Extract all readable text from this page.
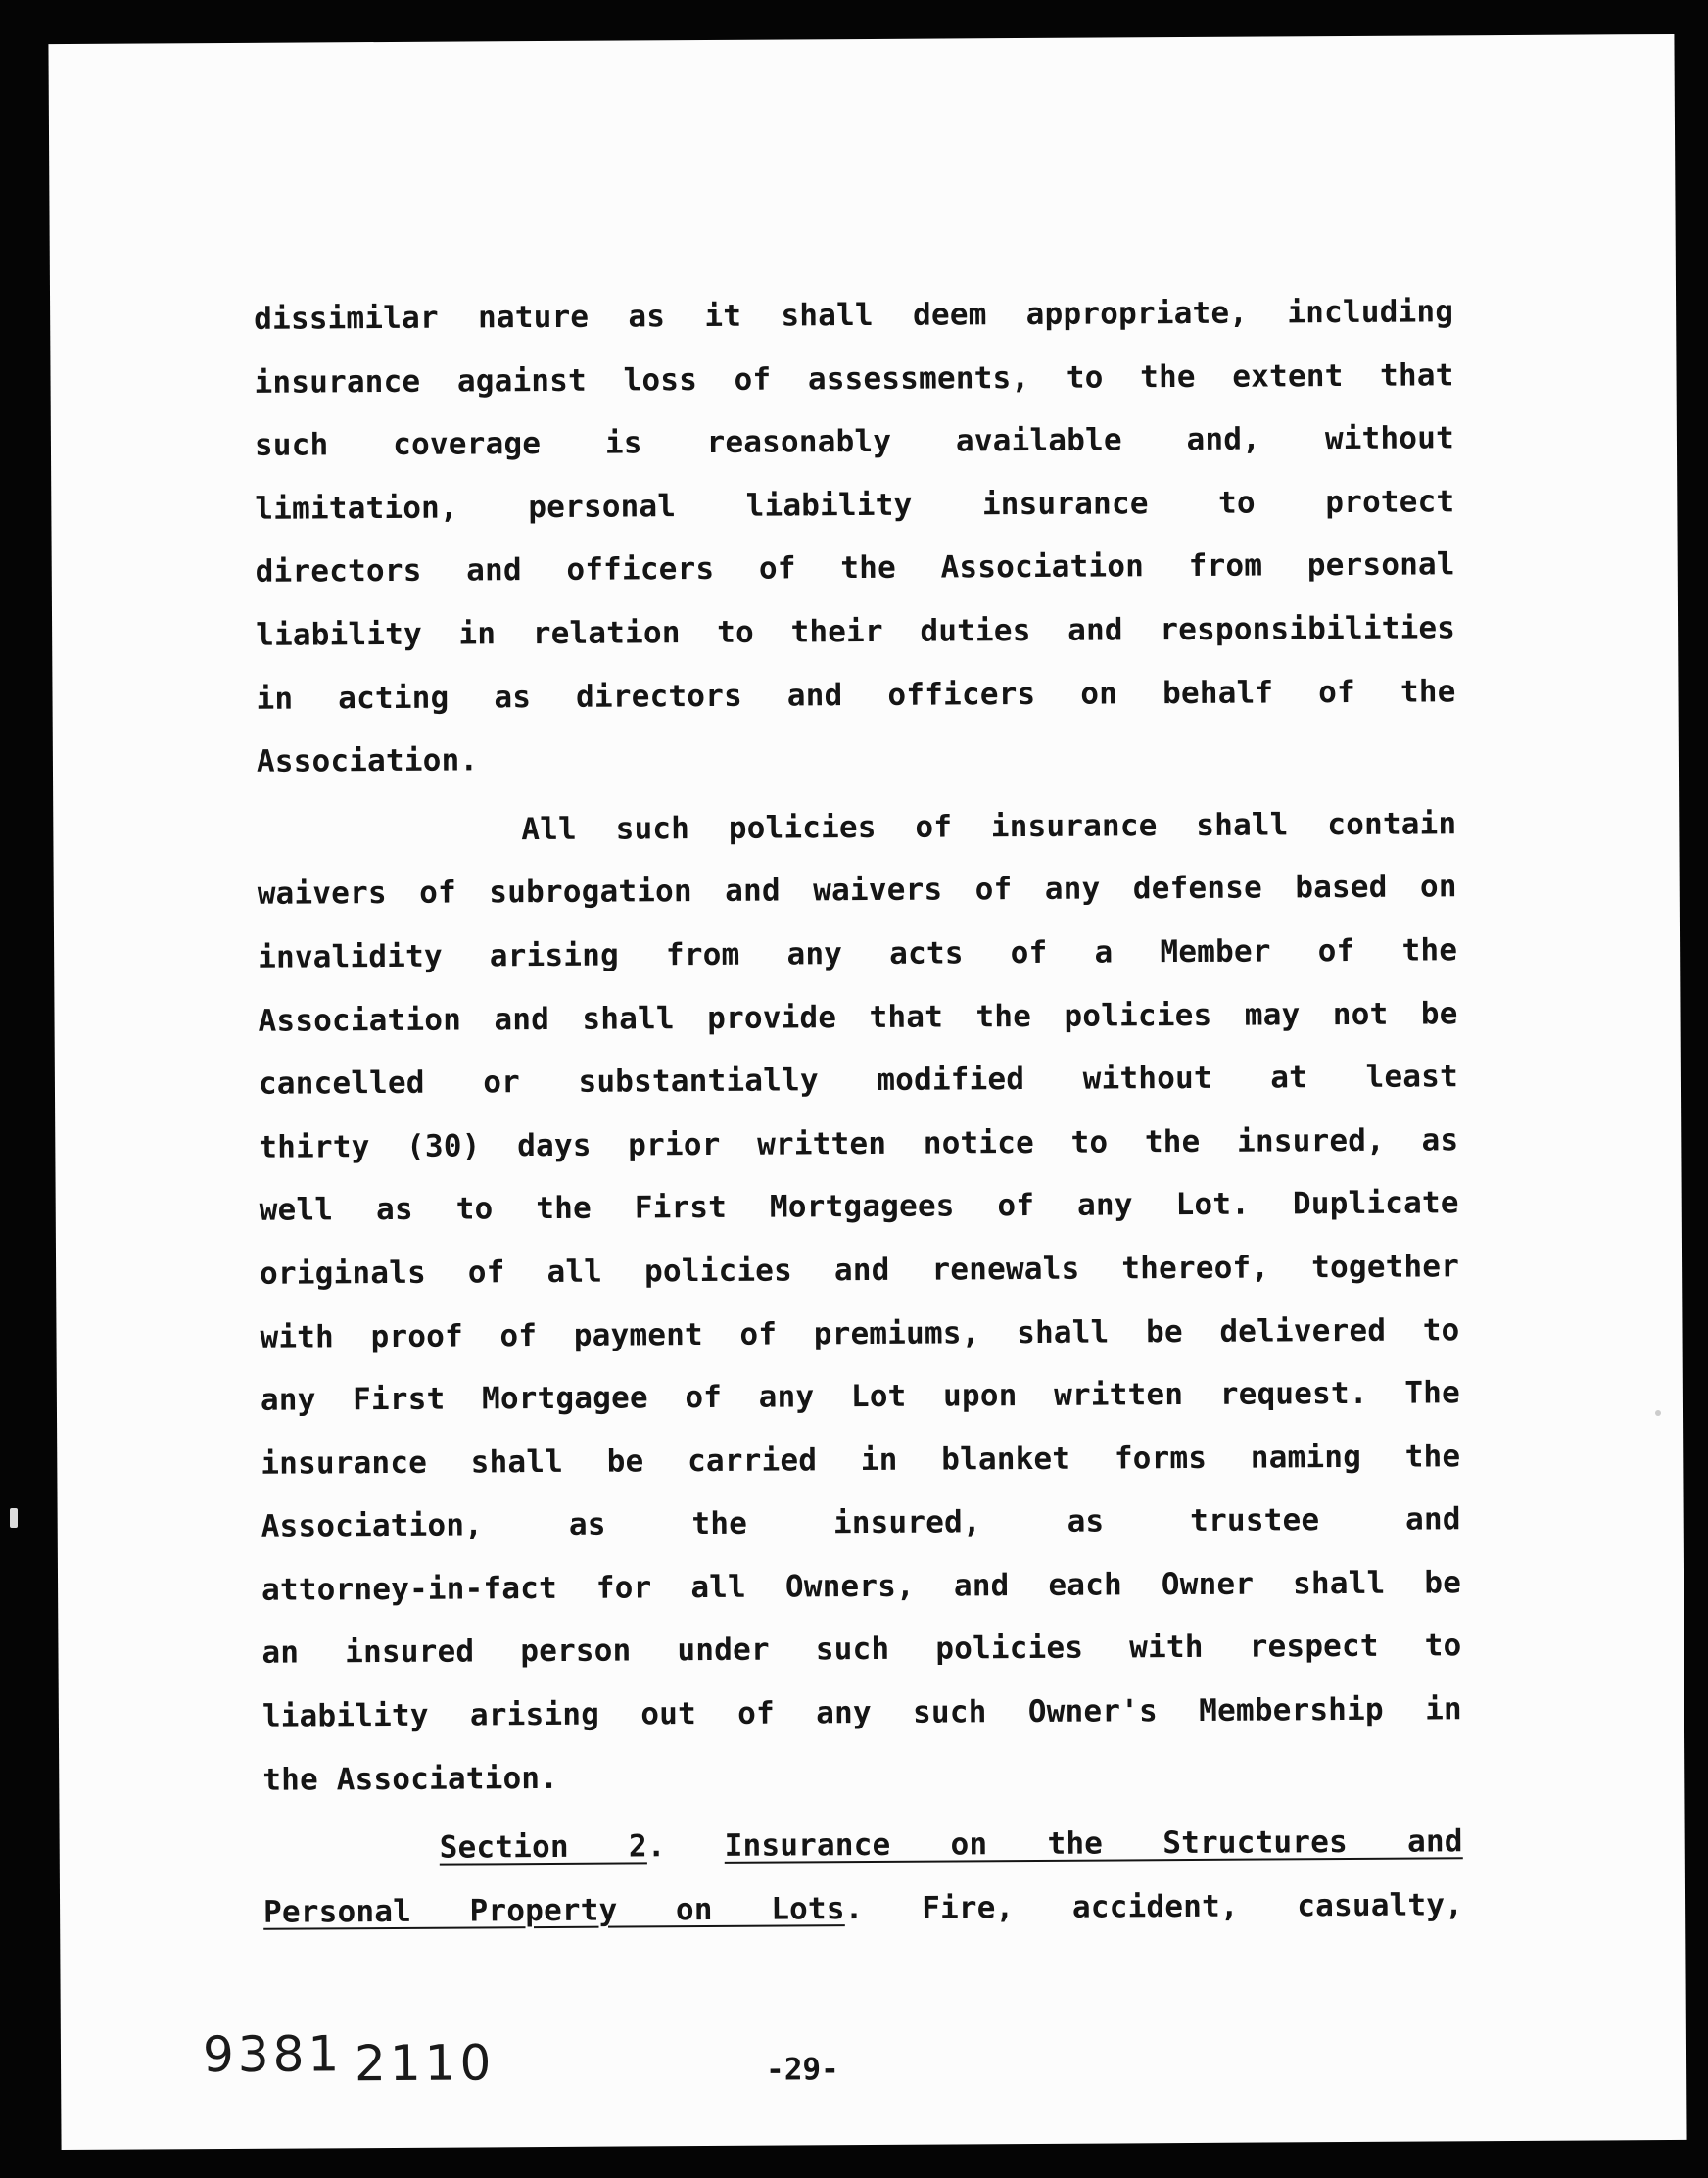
dissimilar nature as it shall deem appropriate, including
insurance against loss of assessments, to the extent that
such coverage is reasonably available and, without
limitation, personal liability insurance to protect
directors and officers of the Association from personal
liability in relation to their duties and responsibilities
in acting as directors and officers on behalf of the
Association.
All such policies of insurance shall contain
waivers of subrogation and waivers of any defense based on
invalidity arising from any acts of a Member of the
Association and shall provide that the policies may not be
cancelled or substantially modified without at least
thirty (30) days prior written notice to the insured, as
well as to the First Mortgagees of any Lot. Duplicate
originals of all policies and renewals thereof, together
with proof of payment of premiums, shall be delivered to
any First Mortgagee of any Lot upon written request. The
insurance shall be carried in blanket forms naming the
Association, as the insured, as trustee and
attorney-in-fact for all Owners, and each Owner shall be
an insured person under such policies with respect to
liability arising out of any such Owner's Membership in
the Association.
Section 2. Insurance on the Structures and
Personal Property on Lots. Fire, accident, casualty,
9381 2110	-29-
